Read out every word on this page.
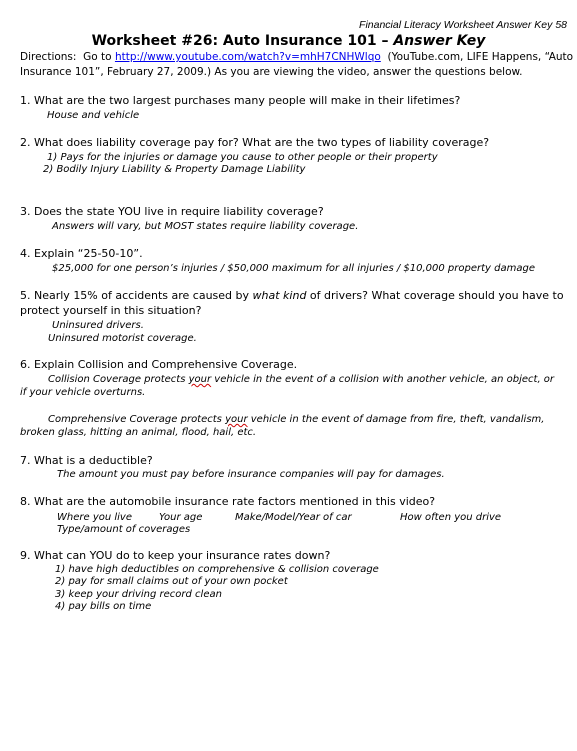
Financial Literacy Worksheet Answer Key 58
Worksheet #26: Auto Insurance 101 – Answer Key
Directions: Go to http://www.youtube.com/watch?v=mhH7CNHWlqo (YouTube.com, LIFE Happens, “Auto
Insurance 101”, February 27, 2009.) As you are viewing the video, answer the questions below.
1. What are the two largest purchases many people will make in their lifetimes?
House and vehicle
2. What does liability coverage pay for? What are the two types of liability coverage?
1) Pays for the injuries or damage you cause to other people or their property
2) Bodily Injury Liability & Property Damage Liability
3. Does the state YOU live in require liability coverage?
Answers will vary, but MOST states require liability coverage.
4. Explain “25-50-10”.
$25,000 for one person’s injuries / $50,000 maximum for all injuries / $10,000 property damage
5. Nearly 15% of accidents are caused by what kind of drivers? What coverage should you have to
protect yourself in this situation?
Uninsured drivers.
Uninsured motorist coverage.
6. Explain Collision and Comprehensive Coverage.
Collision Coverage protects your vehicle in the event of a collision with another vehicle, an object, or
if your vehicle overturns.
Comprehensive Coverage protects your vehicle in the event of damage from fire, theft, vandalism,
broken glass, hitting an animal, flood, hail, etc.
7. What is a deductible?
The amount you must pay before insurance companies will pay for damages.
8. What are the automobile insurance rate factors mentioned in this video?
Where you live	Your age	Make/Model/Year of car	How often you drive
Type/amount of coverages
9. What can YOU do to keep your insurance rates down?
1) have high deductibles on comprehensive & collision coverage
2) pay for small claims out of your own pocket
3) keep your driving record clean
4) pay bills on time
